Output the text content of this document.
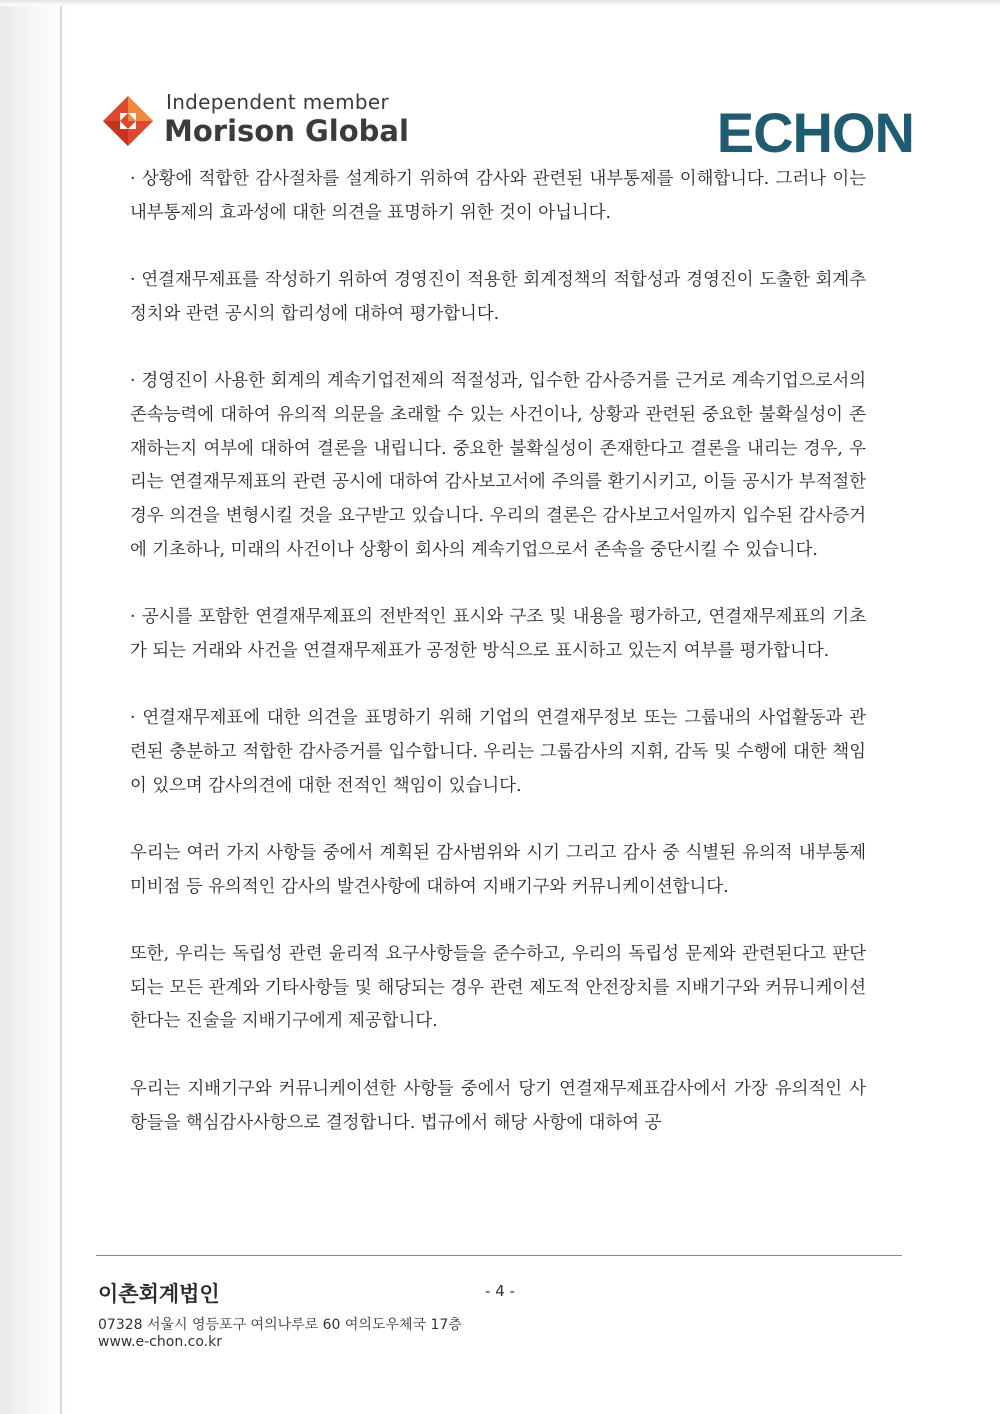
Independent member
Morison Global	ECHON

· 상황에 적합한 감사절차를 설계하기 위하여 감사와 관련된 내부통제를 이해합니다. 그러나 이는 내부통제의 효과성에 대한 의견을 표명하기 위한 것이 아닙니다.

· 연결재무제표를 작성하기 위하여 경영진이 적용한 회계정책의 적합성과 경영진이 도출한 회계추정치와 관련 공시의 합리성에 대하여 평가합니다.

· 경영진이 사용한 회계의 계속기업전제의 적절성과, 입수한 감사증거를 근거로 계속기업으로서의 존속능력에 대하여 유의적 의문을 초래할 수 있는 사건이나, 상황과 관련된 중요한 불확실성이 존재하는지 여부에 대하여 결론을 내립니다. 중요한 불확실성이 존재한다고 결론을 내리는 경우, 우리는 연결재무제표의 관련 공시에 대하여 감사보고서에 주의를 환기시키고, 이들 공시가 부적절한 경우 의견을 변형시킬 것을 요구받고 있습니다. 우리의 결론은 감사보고서일까지 입수된 감사증거에 기초하나, 미래의 사건이나 상황이 회사의 계속기업으로서 존속을 중단시킬 수 있습니다.

· 공시를 포함한 연결재무제표의 전반적인 표시와 구조 및 내용을 평가하고, 연결재무제표의 기초가 되는 거래와 사건을 연결재무제표가 공정한 방식으로 표시하고 있는지 여부를 평가합니다.

· 연결재무제표에 대한 의견을 표명하기 위해 기업의 연결재무정보 또는 그룹내의 사업활동과 관련된 충분하고 적합한 감사증거를 입수합니다. 우리는 그룹감사의 지휘, 감독 및 수행에 대한 책임이 있으며 감사의견에 대한 전적인 책임이 있습니다.

우리는 여러 가지 사항들 중에서 계획된 감사범위와 시기 그리고 감사 중 식별된 유의적 내부통제 미비점 등 유의적인 감사의 발견사항에 대하여 지배기구와 커뮤니케이션합니다.

또한, 우리는 독립성 관련 윤리적 요구사항들을 준수하고, 우리의 독립성 문제와 관련된다고 판단되는 모든 관계와 기타사항들 및 해당되는 경우 관련 제도적 안전장치를 지배기구와 커뮤니케이션한다는 진술을 지배기구에게 제공합니다.

우리는 지배기구와 커뮤니케이션한 사항들 중에서 당기 연결재무제표감사에서 가장 유의적인 사항들을 핵심감사사항으로 결정합니다. 법규에서 해당 사항에 대하여 공

이촌회계법인	- 4 -
07328 서울시 영등포구 여의나루로 60 여의도우체국 17층
www.e-chon.co.kr
